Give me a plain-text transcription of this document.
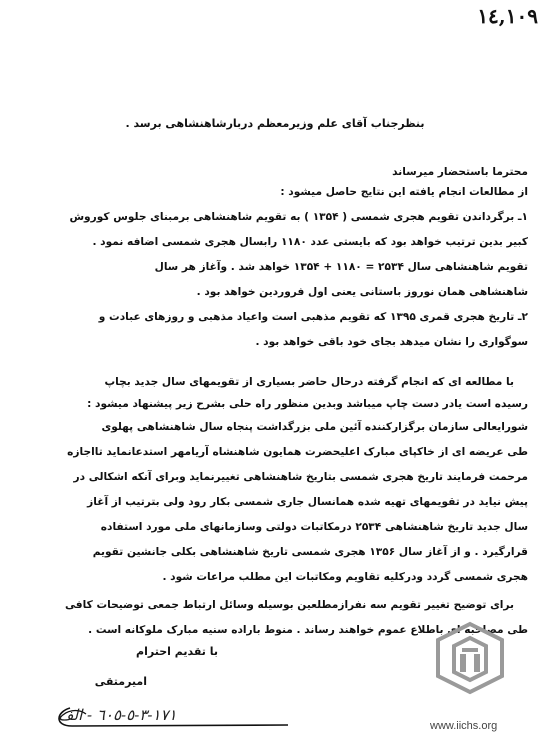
١٤,١٠٩
بنظرجناب آقای علم وزیرمعظم دربارشاهنشاهی برسد .
محترما باستحضار میرساند
از مطالعات انجام یافته این نتایج حاصل میشود :
۱ـ برگرداندن تقویم هجری شمسی ( ۱۳۵۴ ) به تقویم شاهنشاهی برمبنای جلوس کوروش
کبیر بدین ترتیب خواهد بود که بایستی عدد ۱۱۸۰ رابسال هجری شمسی اضافه نمود .
تقویم شاهنشاهی سال ۲۵۳۴ = ۱۱۸۰ + ۱۳۵۴ خواهد شد . وآغاز هر سال
شاهنشاهی همان نوروز باستانی یعنی اول فروردین خواهد بود .
۲ـ تاریخ هجری قمری ۱۳۹۵ که تقویم مذهبی است واعیاد مذهبی و روزهای عبادت و
سوگواری را نشان میدهد بجای خود باقی خواهد بود .
با مطالعه ای که انجام گرفته درحال حاضر بسیاری از تقویمهای سال جدید بچاپ
رسیده است یادر دست چاپ میباشد وبدین منظور راه حلی بشرح زیر پیشنهاد میشود :
شورایعالی سازمان برگزارکننده آئین ملی بزرگداشت پنجاه سال شاهنشاهی پهلوی
طی عریضه ای از خاکپای مبارک اعلیحضرت همایون شاهنشاه آریامهر استدعانماید تااجازه
مرحمت فرمایند تاریخ هجری شمسی بتاریخ شاهنشاهی تغییرنماید وبرای آنکه اشکالی در
پیش نیاید در تقویمهای تهیه شده همانسال جاری شمسی بکار رود ولی بترتیب از آغاز
سال جدید تاریخ شاهنشاهی ۲۵۳۴ درمکاتبات دولتی وسازمانهای ملی مورد استفاده
قرارگیرد . و از آغاز سال ۱۳۵۶ هجری شمسی تاریخ شاهنشاهی بکلی جانشین تقویم
هجری شمسی گردد ودرکلیه تقاویم ومکاتبات این مطلب مراعات شود .
برای توضیح تغییر تقویم سه نفرازمطلعین بوسیله وسائل ارتباط جمعی توضیحات کافی
طی مصاحبه ای باطلاع عموم خواهند رساند . منوط باراده سنیه مبارک ملوکانه است .
با تقدیم احترام
امیرمتقی
١٧١-٣-٥-٦٠٥ - الف
www.iichs.org
